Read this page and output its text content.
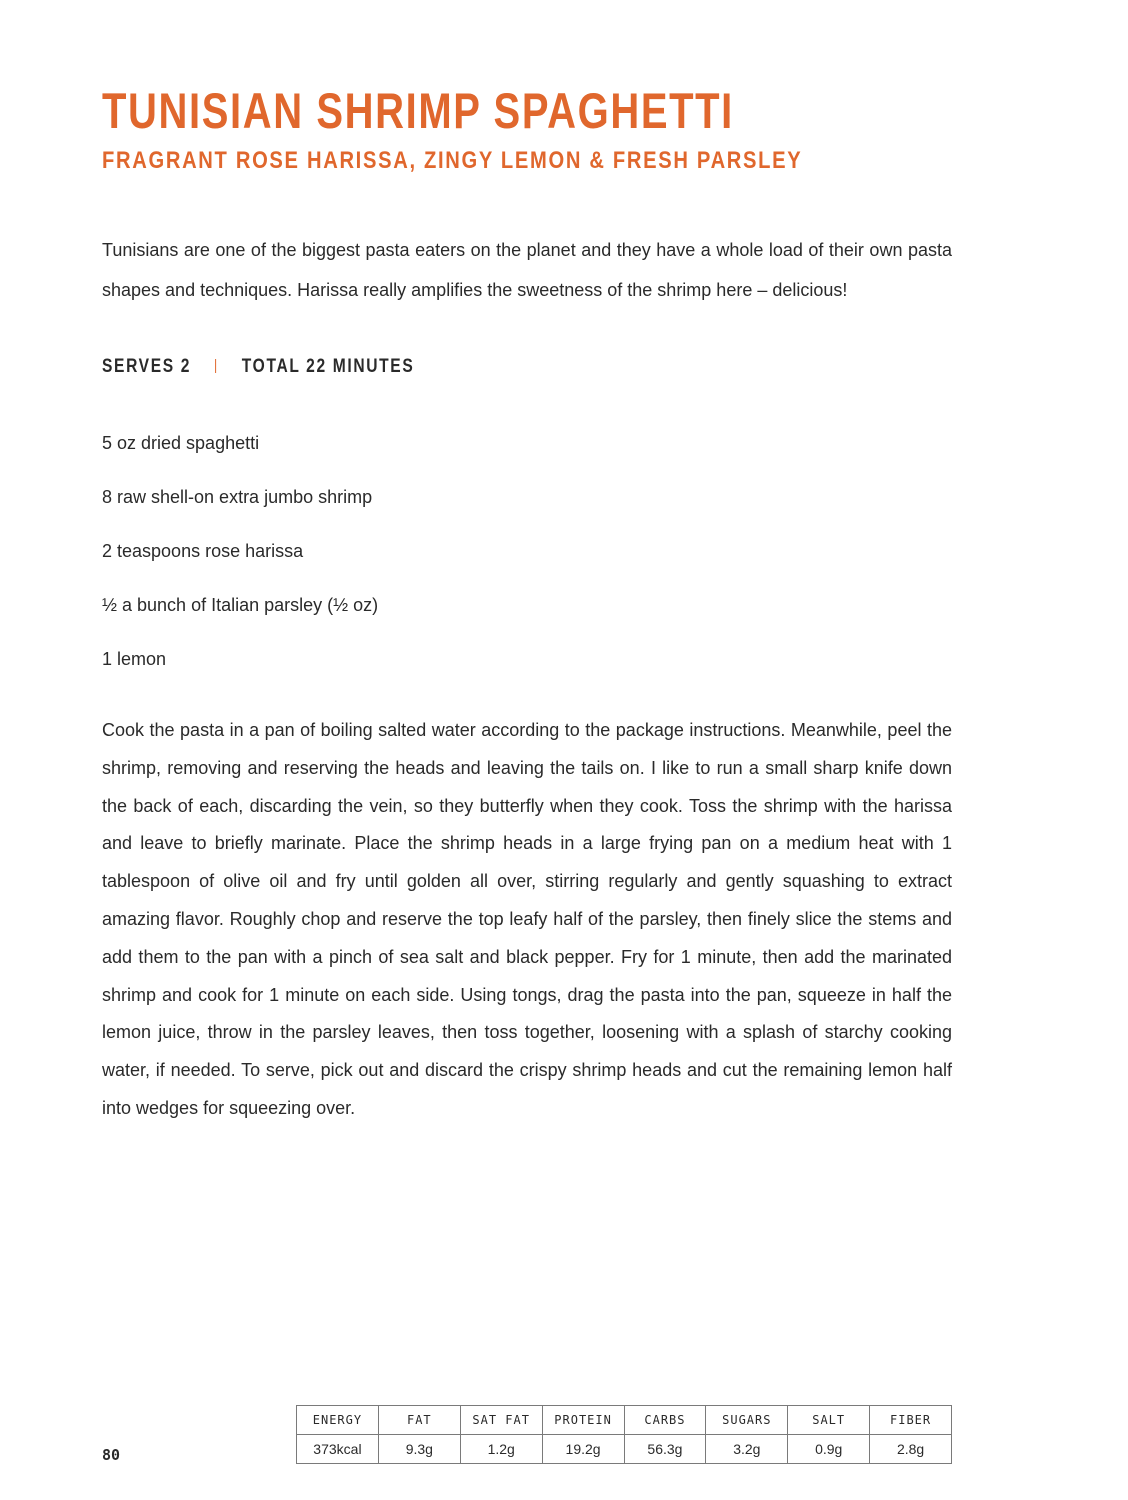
TUNISIAN SHRIMP SPAGHETTI
FRAGRANT ROSE HARISSA, ZINGY LEMON & FRESH PARSLEY

Tunisians are one of the biggest pasta eaters on the planet and they have a whole load of their own pasta shapes and techniques. Harissa really amplifies the sweetness of the shrimp here – delicious!

SERVES 2 | TOTAL 22 MINUTES
5 oz dried spaghetti
8 raw shell-on extra jumbo shrimp
2 teaspoons rose harissa
½ a bunch of Italian parsley (½ oz)
1 lemon

Cook the pasta in a pan of boiling salted water according to the package instructions. Meanwhile, peel the shrimp, removing and reserving the heads and leaving the tails on. I like to run a small sharp knife down the back of each, discarding the vein, so they butterfly when they cook. Toss the shrimp with the harissa and leave to briefly marinate. Place the shrimp heads in a large frying pan on a medium heat with 1 tablespoon of olive oil and fry until golden all over, stirring regularly and gently squashing to extract amazing flavor. Roughly chop and reserve the top leafy half of the parsley, then finely slice the stems and add them to the pan with a pinch of sea salt and black pepper. Fry for 1 minute, then add the marinated shrimp and cook for 1 minute on each side. Using tongs, drag the pasta into the pan, squeeze in half the lemon juice, throw in the parsley leaves, then toss together, loosening with a splash of starchy cooking water, if needed. To serve, pick out and discard the crispy shrimp heads and cut the remaining lemon half into wedges for squeezing over.

ENERGY	FAT	SAT FAT	PROTEIN	CARBS	SUGARS	SALT	FIBER
373kcal	9.3g	1.2g	19.2g	56.3g	3.2g	0.9g	2.8g
80
